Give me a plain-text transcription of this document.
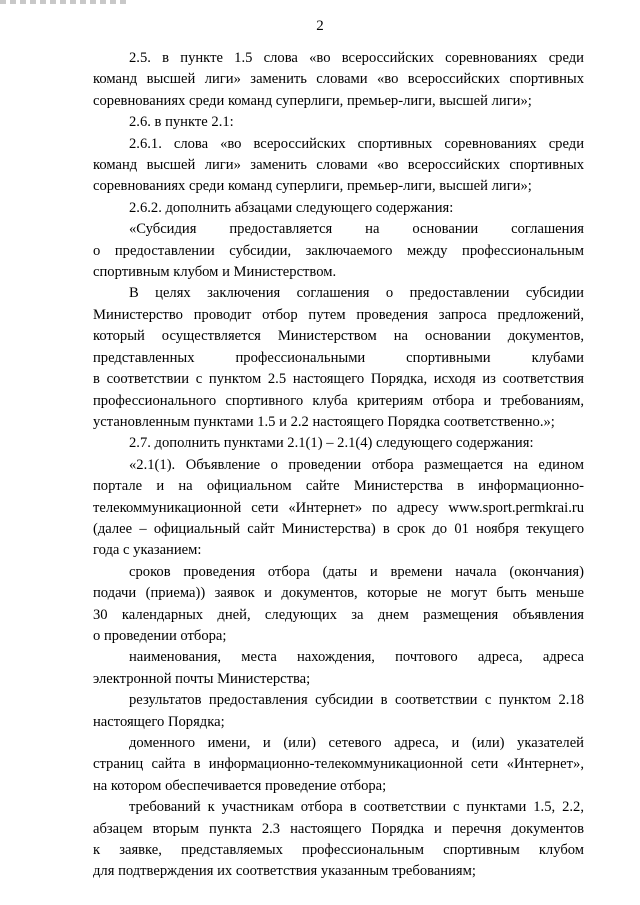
2
2.5. в пункте 1.5 слова «во всероссийских соревнованиях среди
команд высшей лиги» заменить словами «во всероссийских спортивных
соревнованиях среди команд суперлиги, премьер-лиги, высшей лиги»;
2.6. в пункте 2.1:
2.6.1. слова «во всероссийских спортивных соревнованиях среди
команд высшей лиги» заменить словами «во всероссийских спортивных
соревнованиях среди команд суперлиги, премьер-лиги, высшей лиги»;
2.6.2. дополнить абзацами следующего содержания:
«Субсидия предоставляется на основании соглашения
о предоставлении субсидии, заключаемого между профессиональным
спортивным клубом и Министерством.
В целях заключения соглашения о предоставлении субсидии
Министерство проводит отбор путем проведения запроса предложений,
который осуществляется Министерством на основании документов,
представленных профессиональными спортивными клубами
в соответствии с пунктом 2.5 настоящего Порядка, исходя из соответствия
профессионального спортивного клуба критериям отбора и требованиям,
установленным пунктами 1.5 и 2.2 настоящего Порядка соответственно.»;
2.7. дополнить пунктами 2.1(1) – 2.1(4) следующего содержания:
«2.1(1). Объявление о проведении отбора размещается на едином
портале и на официальном сайте Министерства в информационно-
телекоммуникационной сети «Интернет» по адресу www.sport.permkrai.ru
(далее – официальный сайт Министерства) в срок до 01 ноября текущего
года с указанием:
сроков проведения отбора (даты и времени начала (окончания)
подачи (приема)) заявок и документов, которые не могут быть меньше
30 календарных дней, следующих за днем размещения объявления
о проведении отбора;
наименования, места нахождения, почтового адреса, адреса
электронной почты Министерства;
результатов предоставления субсидии в соответствии с пунктом 2.18
настоящего Порядка;
доменного имени, и (или) сетевого адреса, и (или) указателей
страниц сайта в информационно-телекоммуникационной сети «Интернет»,
на котором обеспечивается проведение отбора;
требований к участникам отбора в соответствии с пунктами 1.5, 2.2,
абзацем вторым пункта 2.3 настоящего Порядка и перечня документов
к заявке, представляемых профессиональным спортивным клубом
для подтверждения их соответствия указанным требованиям;
